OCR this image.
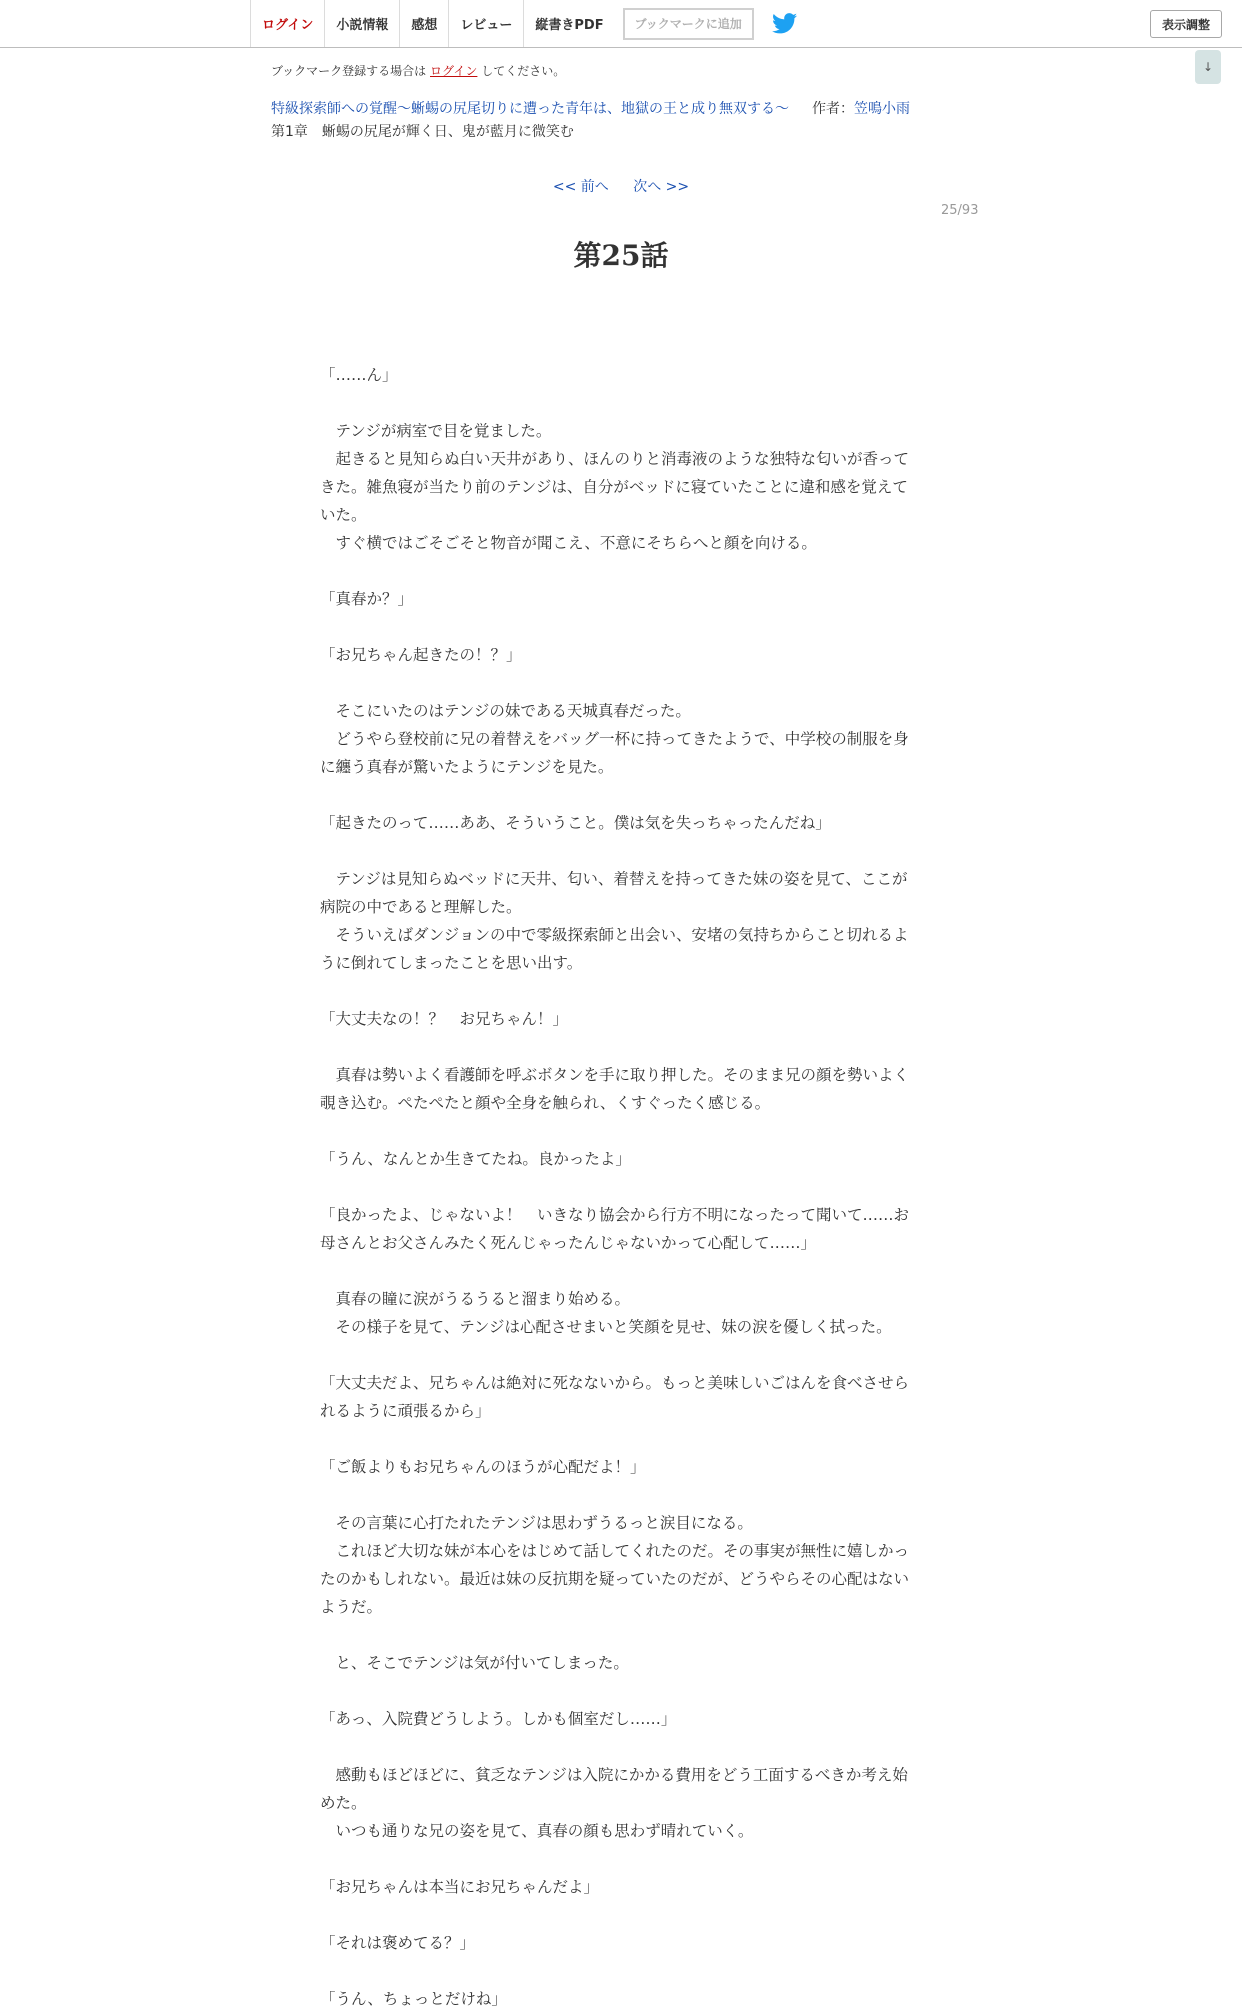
ログイン	小説情報	感想	レビュー	縦書きPDF	ブックマークに追加	表示調整
↓
ブックマーク登録する場合は ログイン してください。
特級探索師への覚醒～蜥蜴の尻尾切りに遭った青年は、地獄の王と成り無双する～ 作者：笠鳴小雨
第1章　蜥蜴の尻尾が輝く日、鬼が藍月に微笑む
<< 前へ 次へ >>
25/93
第25話

「……ん」

　テンジが病室で目を覚ました。

　起きると見知らぬ白い天井があり、ほんのりと消毒液のような独特な匂いが香ってきた。雑魚寝が当たり前のテンジは、自分がベッドに寝ていたことに違和感を覚えていた。

　すぐ横ではごそごそと物音が聞こえ、不意にそちらへと顔を向ける。

「真春か？」

「お兄ちゃん起きたの！？」

　そこにいたのはテンジの妹である天城真春だった。

　どうやら登校前に兄の着替えをバッグ一杯に持ってきたようで、中学校の制服を身に纏う真春が驚いたようにテンジを見た。

「起きたのって……ああ、そういうこと。僕は気を失っちゃったんだね」

　テンジは見知らぬベッドに天井、匂い、着替えを持ってきた妹の姿を見て、ここが病院の中であると理解した。

　そういえばダンジョンの中で零級探索師と出会い、安堵の気持ちからこと切れるように倒れてしまったことを思い出す。

「大丈夫なの！？　お兄ちゃん！」

　真春は勢いよく看護師を呼ぶボタンを手に取り押した。そのまま兄の顔を勢いよく覗き込む。ぺたぺたと顔や全身を触られ、くすぐったく感じる。

「うん、なんとか生きてたね。良かったよ」

「良かったよ、じゃないよ！　いきなり協会から行方不明になったって聞いて……お母さんとお父さんみたく死んじゃったんじゃないかって心配して……」

　真春の瞳に涙がうるうると溜まり始める。

　その様子を見て、テンジは心配させまいと笑顔を見せ、妹の涙を優しく拭った。

「大丈夫だよ、兄ちゃんは絶対に死なないから。もっと美味しいごはんを食べさせられるように頑張るから」

「ご飯よりもお兄ちゃんのほうが心配だよ！」

　その言葉に心打たれたテンジは思わずうるっと涙目になる。

　これほど大切な妹が本心をはじめて話してくれたのだ。その事実が無性に嬉しかったのかもしれない。最近は妹の反抗期を疑っていたのだが、どうやらその心配はないようだ。

　と、そこでテンジは気が付いてしまった。

「あっ、入院費どうしよう。しかも個室だし……」

　感動もほどほどに、貧乏なテンジは入院にかかる費用をどう工面するべきか考え始めた。

　いつも通りな兄の姿を見て、真春の顔も思わず晴れていく。

「お兄ちゃんは本当にお兄ちゃんだよ」

「それは褒めてる？」

「うん、ちょっとだけね」
